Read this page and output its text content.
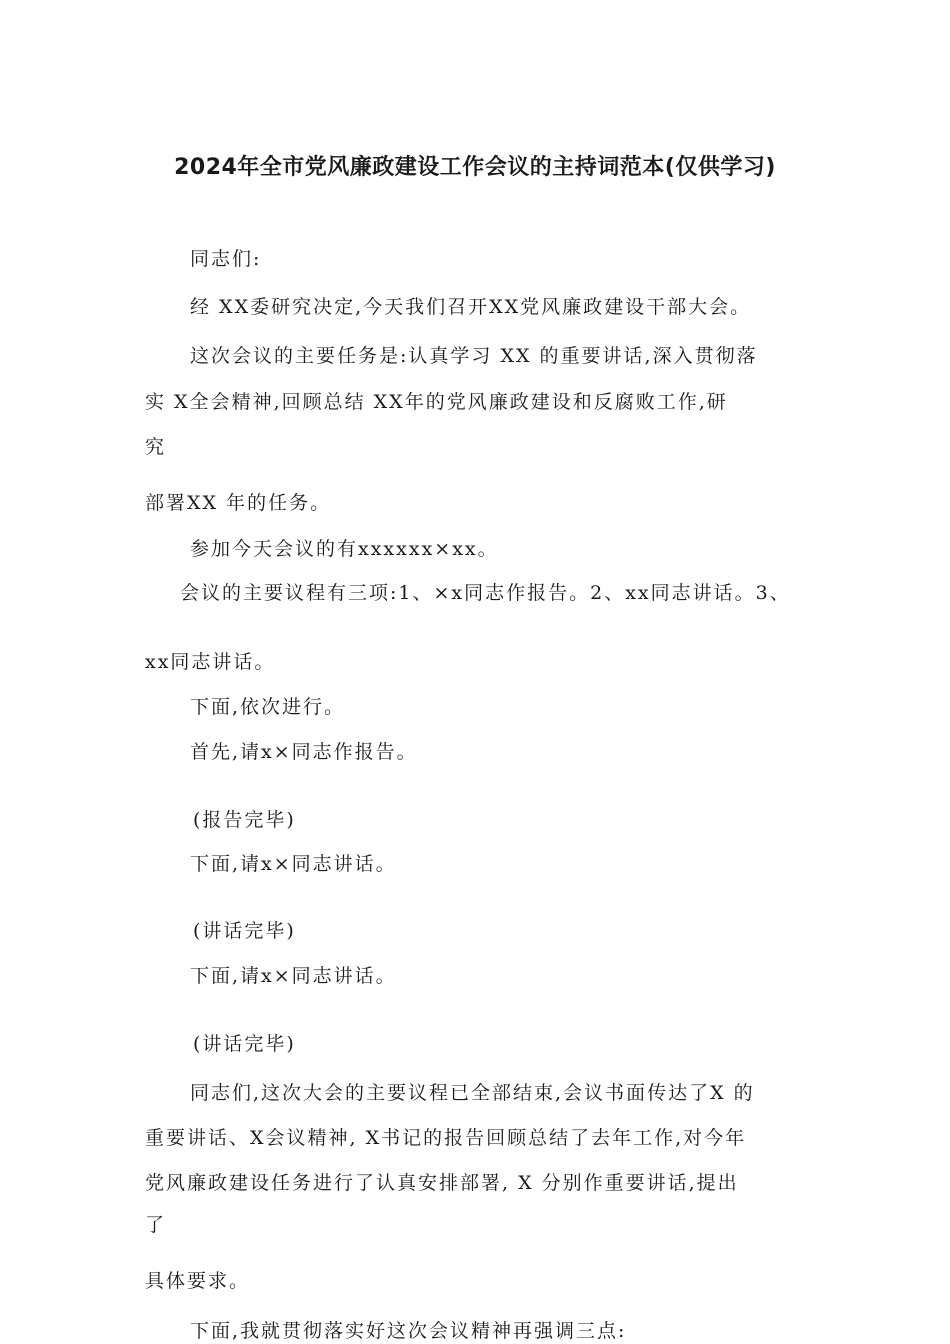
2024年全市党风廉政建设工作会议的主持词范本(仅供学习)
同志们:
经 XX委研究决定,今天我们召开XX党风廉政建设干部大会。
这次会议的主要任务是:认真学习 XX 的重要讲话,深入贯彻落
实 X全会精神,回顾总结 XX年的党风廉政建设和反腐败工作,研
究
部署XX 年的任务。
参加今天会议的有xxxxxx×xx。
会议的主要议程有三项:1、×x同志作报告。2、xx同志讲话。3、
xx同志讲话。
下面,依次进行。
首先,请x×同志作报告。
(报告完毕)
下面,请x×同志讲话。
(讲话完毕)
下面,请x×同志讲话。
(讲话完毕)
同志们,这次大会的主要议程已全部结束,会议书面传达了X 的
重要讲话、X会议精神, X书记的报告回顾总结了去年工作,对今年
党风廉政建设任务进行了认真安排部署, X 分别作重要讲话,提出
了
具体要求。
下面,我就贯彻落实好这次会议精神再强调三点:
